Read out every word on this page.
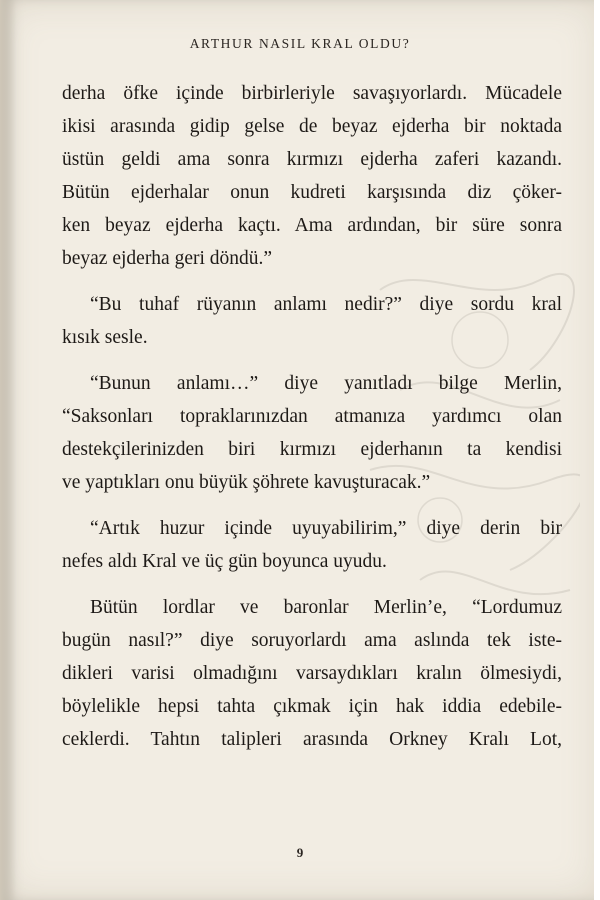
ARTHUR NASIL KRAL OLDU?

derha öfke içinde birbirleriyle savaşıyorlardı. Mücadele
ikisi arasında gidip gelse de beyaz ejderha bir noktada
üstün geldi ama sonra kırmızı ejderha zaferi kazandı.
Bütün ejderhalar onun kudreti karşısında diz çöker-
ken beyaz ejderha kaçtı. Ama ardından, bir süre sonra
beyaz ejderha geri döndü.”

“Bu tuhaf rüyanın anlamı nedir?” diye sordu kral
kısık sesle.

“Bunun anlamı…” diye yanıtladı bilge Merlin,
“Saksonları topraklarınızdan atmanıza yardımcı olan
destekçilerinizden biri kırmızı ejderhanın ta kendisi
ve yaptıkları onu büyük şöhrete kavuşturacak.”

“Artık huzur içinde uyuyabilirim,” diye derin bir
nefes aldı Kral ve üç gün boyunca uyudu.

Bütün lordlar ve baronlar Merlin’e, “Lordumuz
bugün nasıl?” diye soruyorlardı ama aslında tek iste-
dikleri varisi olmadığını varsaydıkları kralın ölmesiydi,
böylelikle hepsi tahta çıkmak için hak iddia edebile-
ceklerdi. Tahtın talipleri arasında Orkney Kralı Lot,

9
